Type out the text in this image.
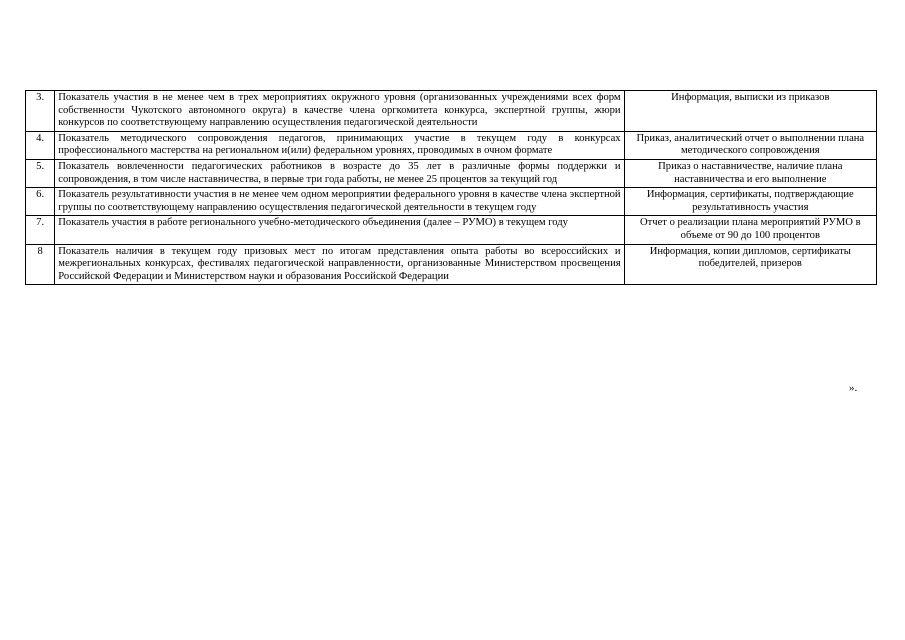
3.	Показатель участия в не менее чем в трех мероприятиях окружного уровня (организованных учреждениями всех форм собственности Чукотского автономного округа) в качестве члена оргкомитета конкурса, экспертной группы, жюри конкурсов по соответствующему направлению осуществления педагогической деятельности	Информация, выписки из приказов
4.	Показатель методического сопровождения педагогов, принимающих участие в текущем году в конкурсах профессионального мастерства на региональном и(или) федеральном уровнях, проводимых в очном формате	Приказ, аналитический отчет о выполнении плана методического сопровождения
5.	Показатель вовлеченности педагогических работников в возрасте до 35 лет в различные формы поддержки и сопровождения, в том числе наставничества, в первые три года работы, не менее 25 процентов за текущий год	Приказ о наставничестве, наличие плана наставничества и его выполнение
6.	Показатель результативности участия в не менее чем одном мероприятии федерального уровня в качестве члена экспертной группы по соответствующему направлению осуществления педагогической деятельности в текущем году	Информация, сертификаты, подтверждающие результативность участия
7.	Показатель участия в работе регионального учебно-методического объединения (далее – РУМО) в текущем году	Отчет о реализации плана мероприятий РУМО в объеме от 90 до 100 процентов
8	Показатель наличия в текущем году призовых мест по итогам представления опыта работы во всероссийских и межрегиональных конкурсах, фестивалях педагогической направленности, организованные Министерством просвещения Российской Федерации и Министерством науки и образования Российской Федерации	Информация, копии дипломов, сертификаты победителей, призеров
».
